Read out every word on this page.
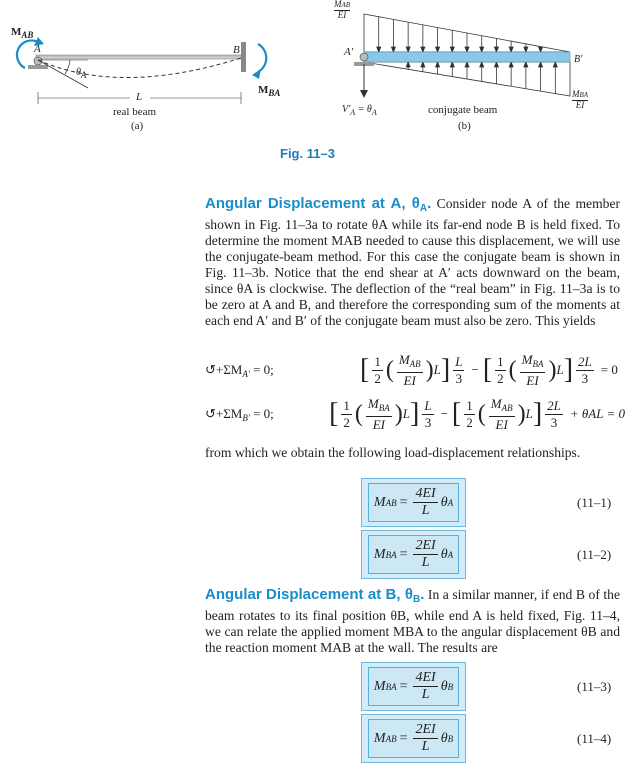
$M_{AB}$
A	B
θA
$M_{BA}$
L
real beam
(a)
MAB
EI
A′
B′
MBA
EI
$V'_A = \theta_A$	conjugate beam
(b)
Fig. 11–3

Angular Displacement at A, $\theta_A$. Consider node A of the member shown in Fig. 11–3a to rotate θA while its far-end node B is held fixed. To determine the moment MAB needed to cause this displacement, we will use the conjugate-beam method. For this case the conjugate beam is shown in Fig. 11–3b. Notice that the end shear at A′ acts downward on the beam, since θA is clockwise. The deflection of the “real beam” in Fig. 11–3a is to be zero at A and B, and therefore the corresponding sum of the moments at each end A′ and B′ of the conjugate beam must also be zero. This yields

$↺+\Sigma M_{A'} = 0$;	[ $\frac{1}{2}$ ( $\frac{M_{AB}}{EI}$ ) L ] $\frac{L}{3}$ − [ $\frac{1}{2}$ ( $\frac{M_{BA}}{EI}$ ) L ] $\frac{2L}{3} = 0$
$↺+\Sigma M_{B'} = 0$;	[ $\frac{1}{2}$ ( $\frac{M_{BA}}{EI}$ ) L ] $\frac{L}{3}$ − [ $\frac{1}{2}$ ( $\frac{M_{AB}}{EI}$ ) L ] $\frac{2L}{3} + \theta AL = 0$

from which we obtain the following load-displacement relationships.

M AB = $\frac{4EI}{L}$ θ A	(11–1)
M BA = $\frac{2EI}{L}$ θ A	(11–2)

Angular Displacement at B, $\theta_B$. In a similar manner, if end B of the beam rotates to its final position θB, while end A is held fixed, Fig. 11–4, we can relate the applied moment MBA to the angular displacement θB and the reaction moment MAB at the wall. The results are

M BA = $\frac{4EI}{L}$ θ B	(11–3)
M AB = $\frac{2EI}{L}$ θ B	(11–4)
